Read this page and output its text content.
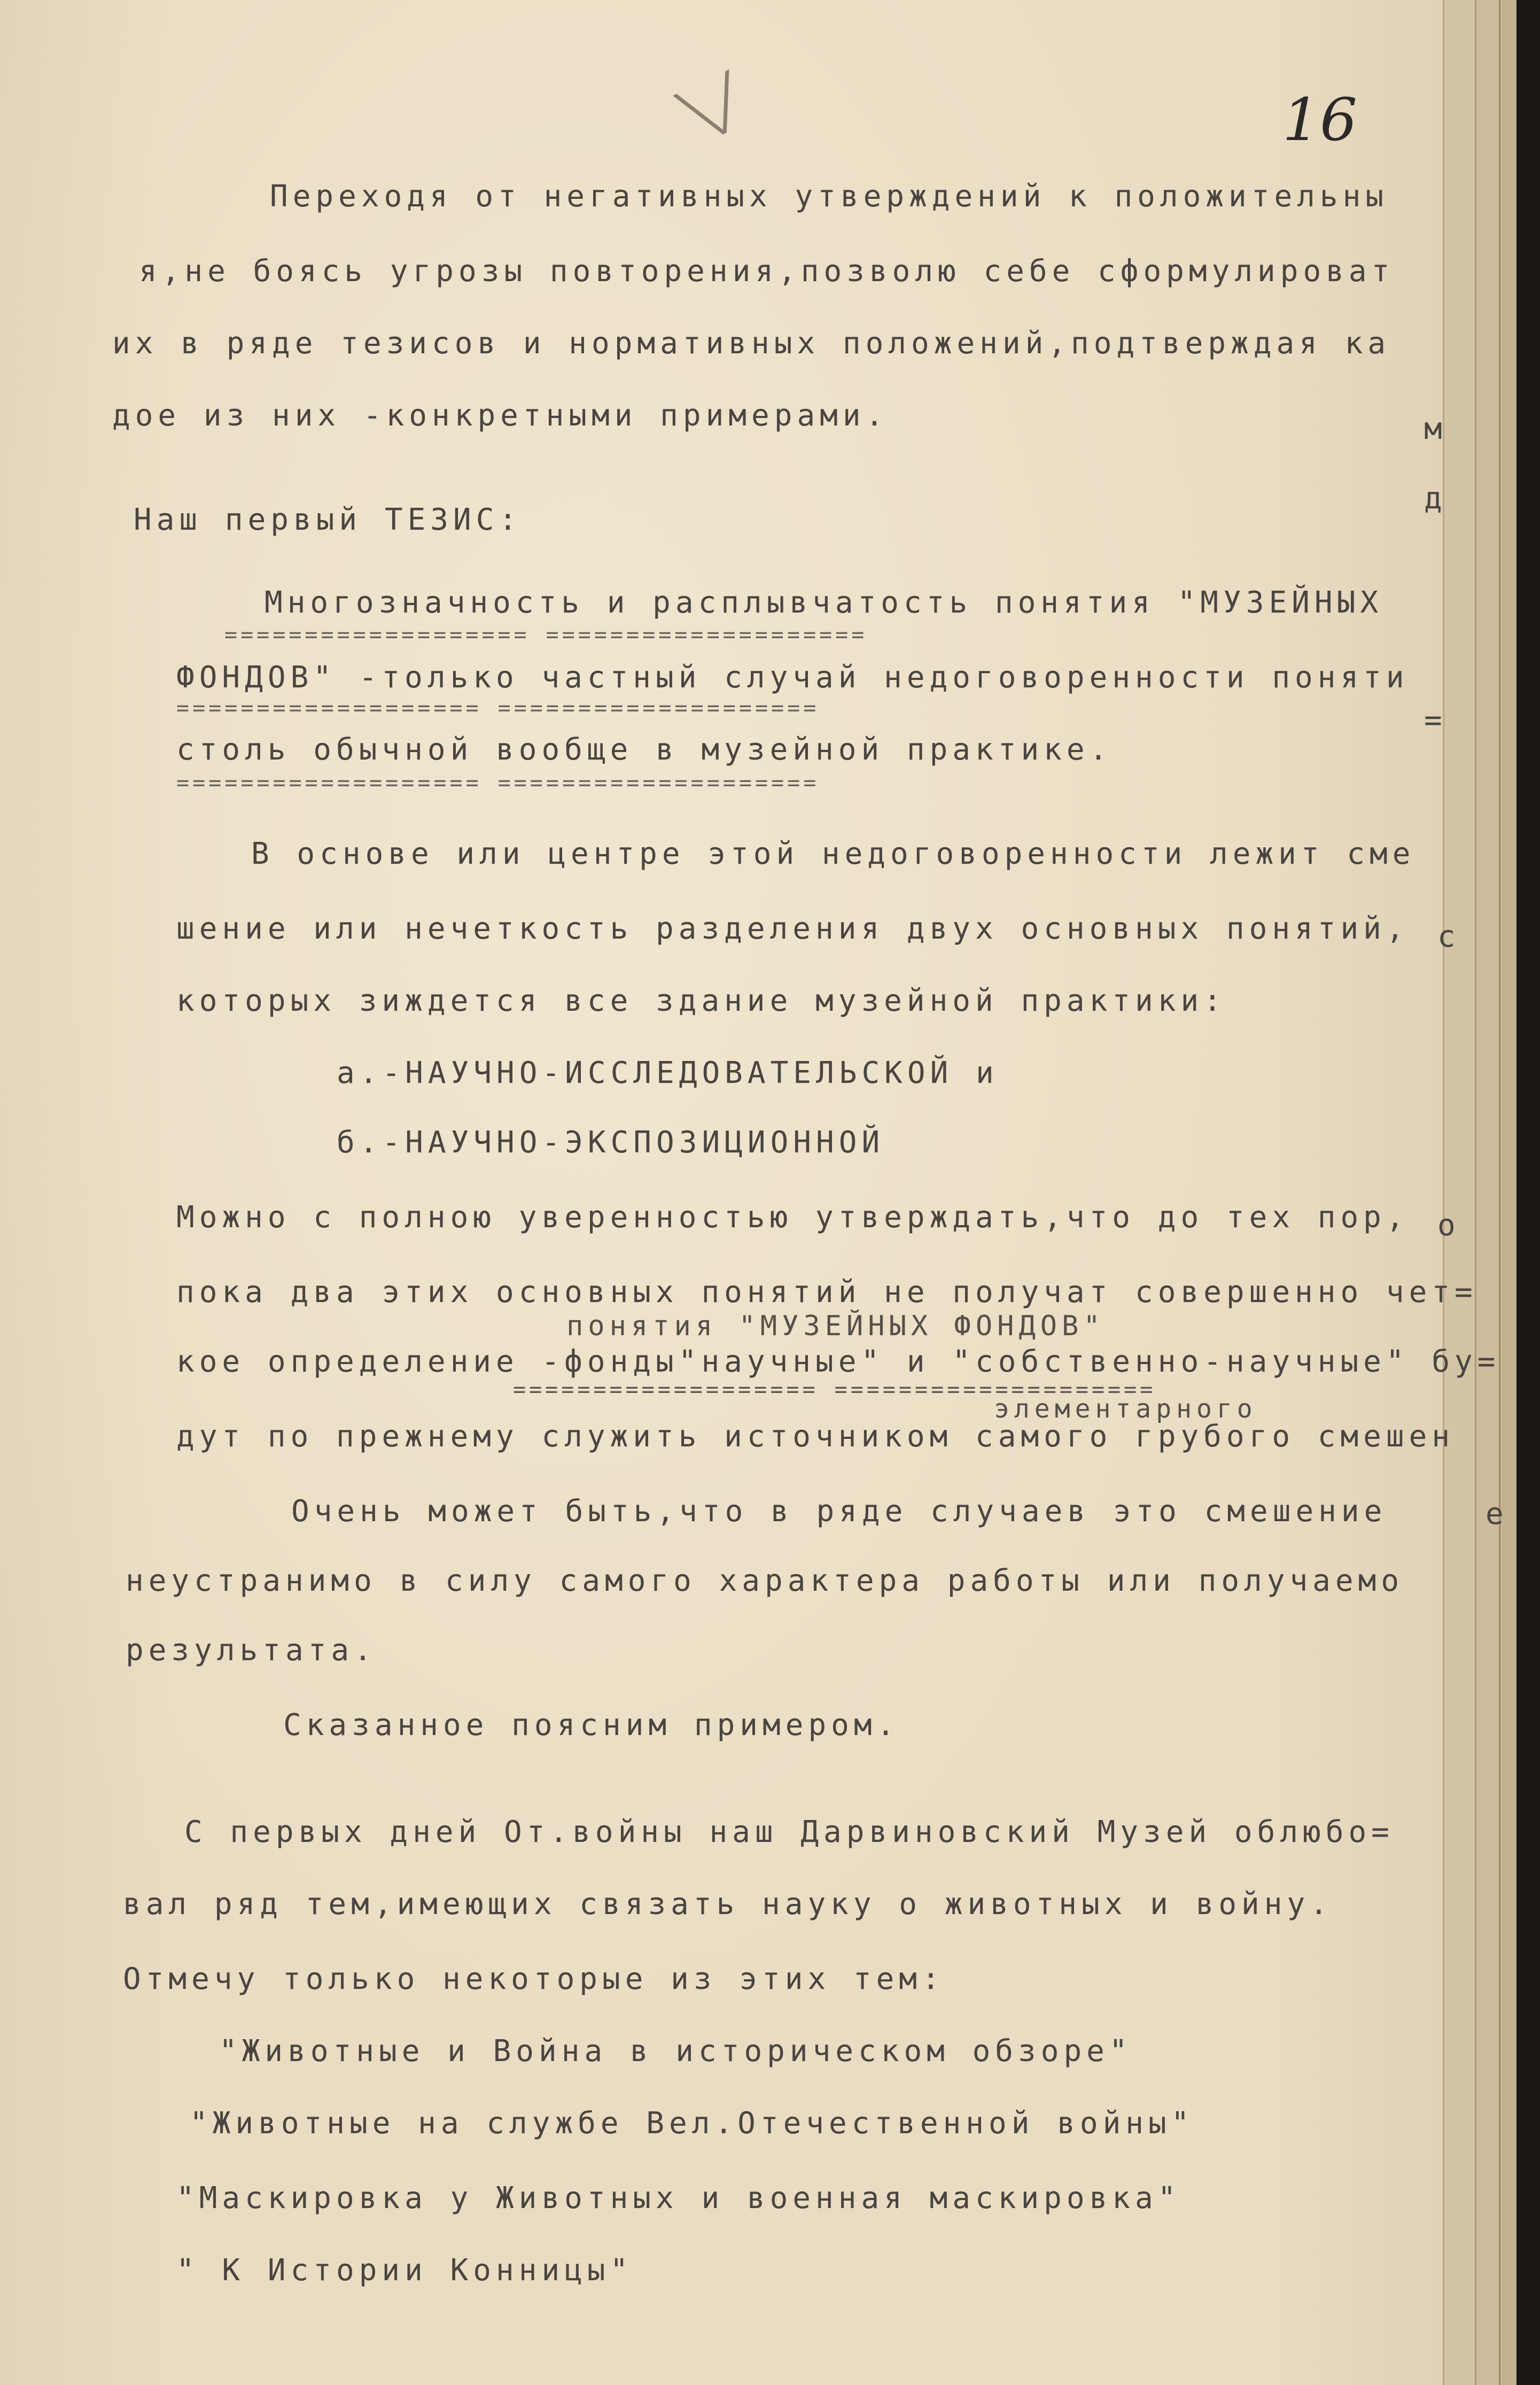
16
╲╱
Переходя от негативных утверждений к положительны
я,не боясь угрозы повторения,позволю себе сформулироват
их в ряде тезисов и нормативных положений,подтверждая ка
дое из них -конкретными примерами.
Наш первый ТЕЗИС:
Многозначность и расплывчатость понятия "МУЗЕЙНЫХ
=================== ====================
ФОНДОВ" -только частный случай недоговоренности поняти
=================== ====================
столь обычной вообще в музейной практике.
=================== ====================
В основе или центре этой недоговоренности лежит сме
шение или нечеткость разделения двух основных понятий,
которых зиждется все здание музейной практики:
а.-НАУЧНО-ИССЛЕДОВАТЕЛЬСКОЙ и
б.-НАУЧНО-ЭКСПОЗИЦИОННОЙ
Можно с полною уверенностью утверждать,что до тех пор,
пока два этих основных понятий не получат совершенно чет=
понятия "МУЗЕЙНЫХ ФОНДОВ"
кое определение -фонды"научные" и "собственно-научные" бу=
=================== ====================
элементарного
дут по прежнему служить источником самого грубого смешен
Очень может быть,что в ряде случаев это смешение
неустранимо в силу самого характера работы или получаемо
результата.
Сказанное поясним примером.
С первых дней От.войны наш Дарвиновский Музей облюбо=
вал ряд тем,имеющих связать науку о животных и войну.
Отмечу только некоторые из этих тем:
"Животные и Война в историческом обзоре"
"Животные на службе Вел.Отечественной войны"
"Маскировка у Животных и военная маскировка"
" К Истории Конницы"
м
д
=
с
о
е
